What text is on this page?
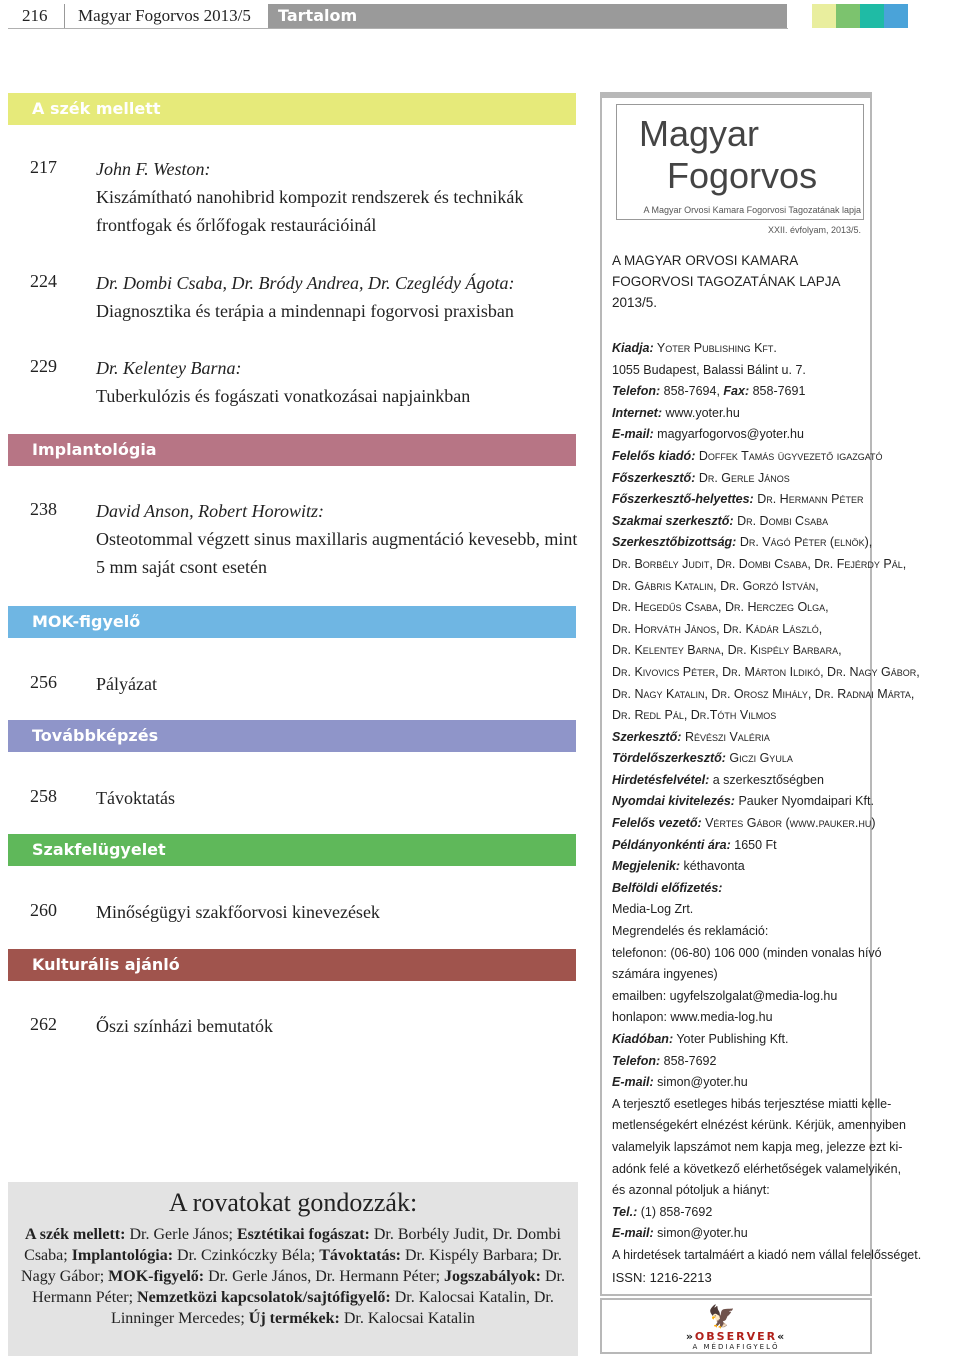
216 Magyar Fogorvos 2013/5	Tartalom
A szék mellett
217 John F. Weston:
Kiszámítható nanohibrid kompozit rendszerek és technikák frontfogak és őrlőfogak restaurációinál
224 Dr. Dombi Csaba, Dr. Bródy Andrea, Dr. Czeglédy Ágota:
Diagnosztika és terápia a mindennapi fogorvosi praxisban
229 Dr. Kelentey Barna:
Tuberkulózis és fogászati vonatkozásai napjainkban
Implantológia
238 David Anson, Robert Horowitz:
Osteotommal végzett sinus maxillaris augmentáció kevesebb, mint 5 mm saját csont esetén
MOK-figyelő
256 Pályázat
Továbbképzés
258 Távoktatás
Szakfelügyelet
260 Minőségügyi szakfőorvosi kinevezések
Kulturális ajánló
262 Őszi színházi bemutatók
A rovatokat gondozzák:
A szék mellett: Dr. Gerle János; Esztétikai fogászat: Dr. Borbély Judit, Dr. Dombi Csaba; Implantológia: Dr. Czinkóczky Béla; Távoktatás: Dr. Kispély Barbara; Dr. Nagy Gábor; MOK-figyelő: Dr. Gerle János, Dr. Hermann Péter; Jogszabályok: Dr. Hermann Péter; Nemzetközi kapcsolatok/sajtófigyelő: Dr. Kalocsai Katalin, Dr. Linninger Mercedes; Új termékek: Dr. Kalocsai Katalin
Magyar
Fogorvos
A Magyar Orvosi Kamara Fogorvosi Tagozatának lapja
XXII. évfolyam, 2013/5.
A MAGYAR ORVOSI KAMARA FOGORVOSI TAGOZATÁNAK LAPJA 2013/5.
Kiadja: Yoter Publishing Kft.
1055 Budapest, Balassi Bálint u. 7.
Telefon: 858-7694, Fax: 858-7691
Internet: www.yoter.hu
E-mail: magyarfogorvos@yoter.hu
Felelős kiadó: Doffek Tamás ügyvezető igazgató
Főszerkesztő: Dr. Gerle János
Főszerkesztő-helyettes: Dr. Hermann Péter
Szakmai szerkesztő: Dr. Dombi Csaba
Szerkesztőbizottság: Dr. Vágó Péter (elnök),
Dr. Borbély Judit, Dr. Dombi Csaba, Dr. Fejérdy Pál,
Dr. Gábris Katalin, Dr. Gorzó István,
Dr. Hegedűs Csaba, Dr. Herczeg Olga,
Dr. Horváth János, Dr. Kádár László,
Dr. Kelentey Barna, Dr. Kispély Barbara,
Dr. Kivovics Péter, Dr. Márton Ildikó, Dr. Nagy Gábor,
Dr. Nagy Katalin, Dr. Orosz Mihály, Dr. Radnai Márta,
Dr. Redl Pál, Dr.Tóth Vilmos
Szerkesztő: Révészi Valéria
Tördelőszerkesztő: Giczi Gyula
Hirdetésfelvétel: a szerkesztőségben
Nyomdai kivitelezés: Pauker Nyomdaipari Kft.
Felelős vezető: Vértes Gábor (www.pauker.hu)
Példányonkénti ára: 1650 Ft
Megjelenik: kéthavonta
Belföldi előfizetés:
Media-Log Zrt.
Megrendelés és reklamáció:
telefonon: (06-80) 106 000 (minden vonalas hívó
számára ingyenes)
emailben: ugyfelszolgalat@media-log.hu
honlapon: www.media-log.hu
Kiadóban: Yoter Publishing Kft.
Telefon: 858-7692
E-mail: simon@yoter.hu
A terjesztő esetleges hibás terjesztése miatti kelle-
metlenségekért elnézést kérünk. Kérjük, amennyiben
valamelyik lapszámot nem kapja meg, jelezze ezt ki-
adónk felé a következő elérhetőségek valamelyikén,
és azonnal pótoljuk a hiányt:
Tel.: (1) 858-7692
E-mail: simon@yoter.hu
A hirdetések tartalmáért a kiadó nem vállal felelősséget.
ISSN: 1216-2213
🦅
»OBSERVER«
A MÉDIAFIGYELŐ
